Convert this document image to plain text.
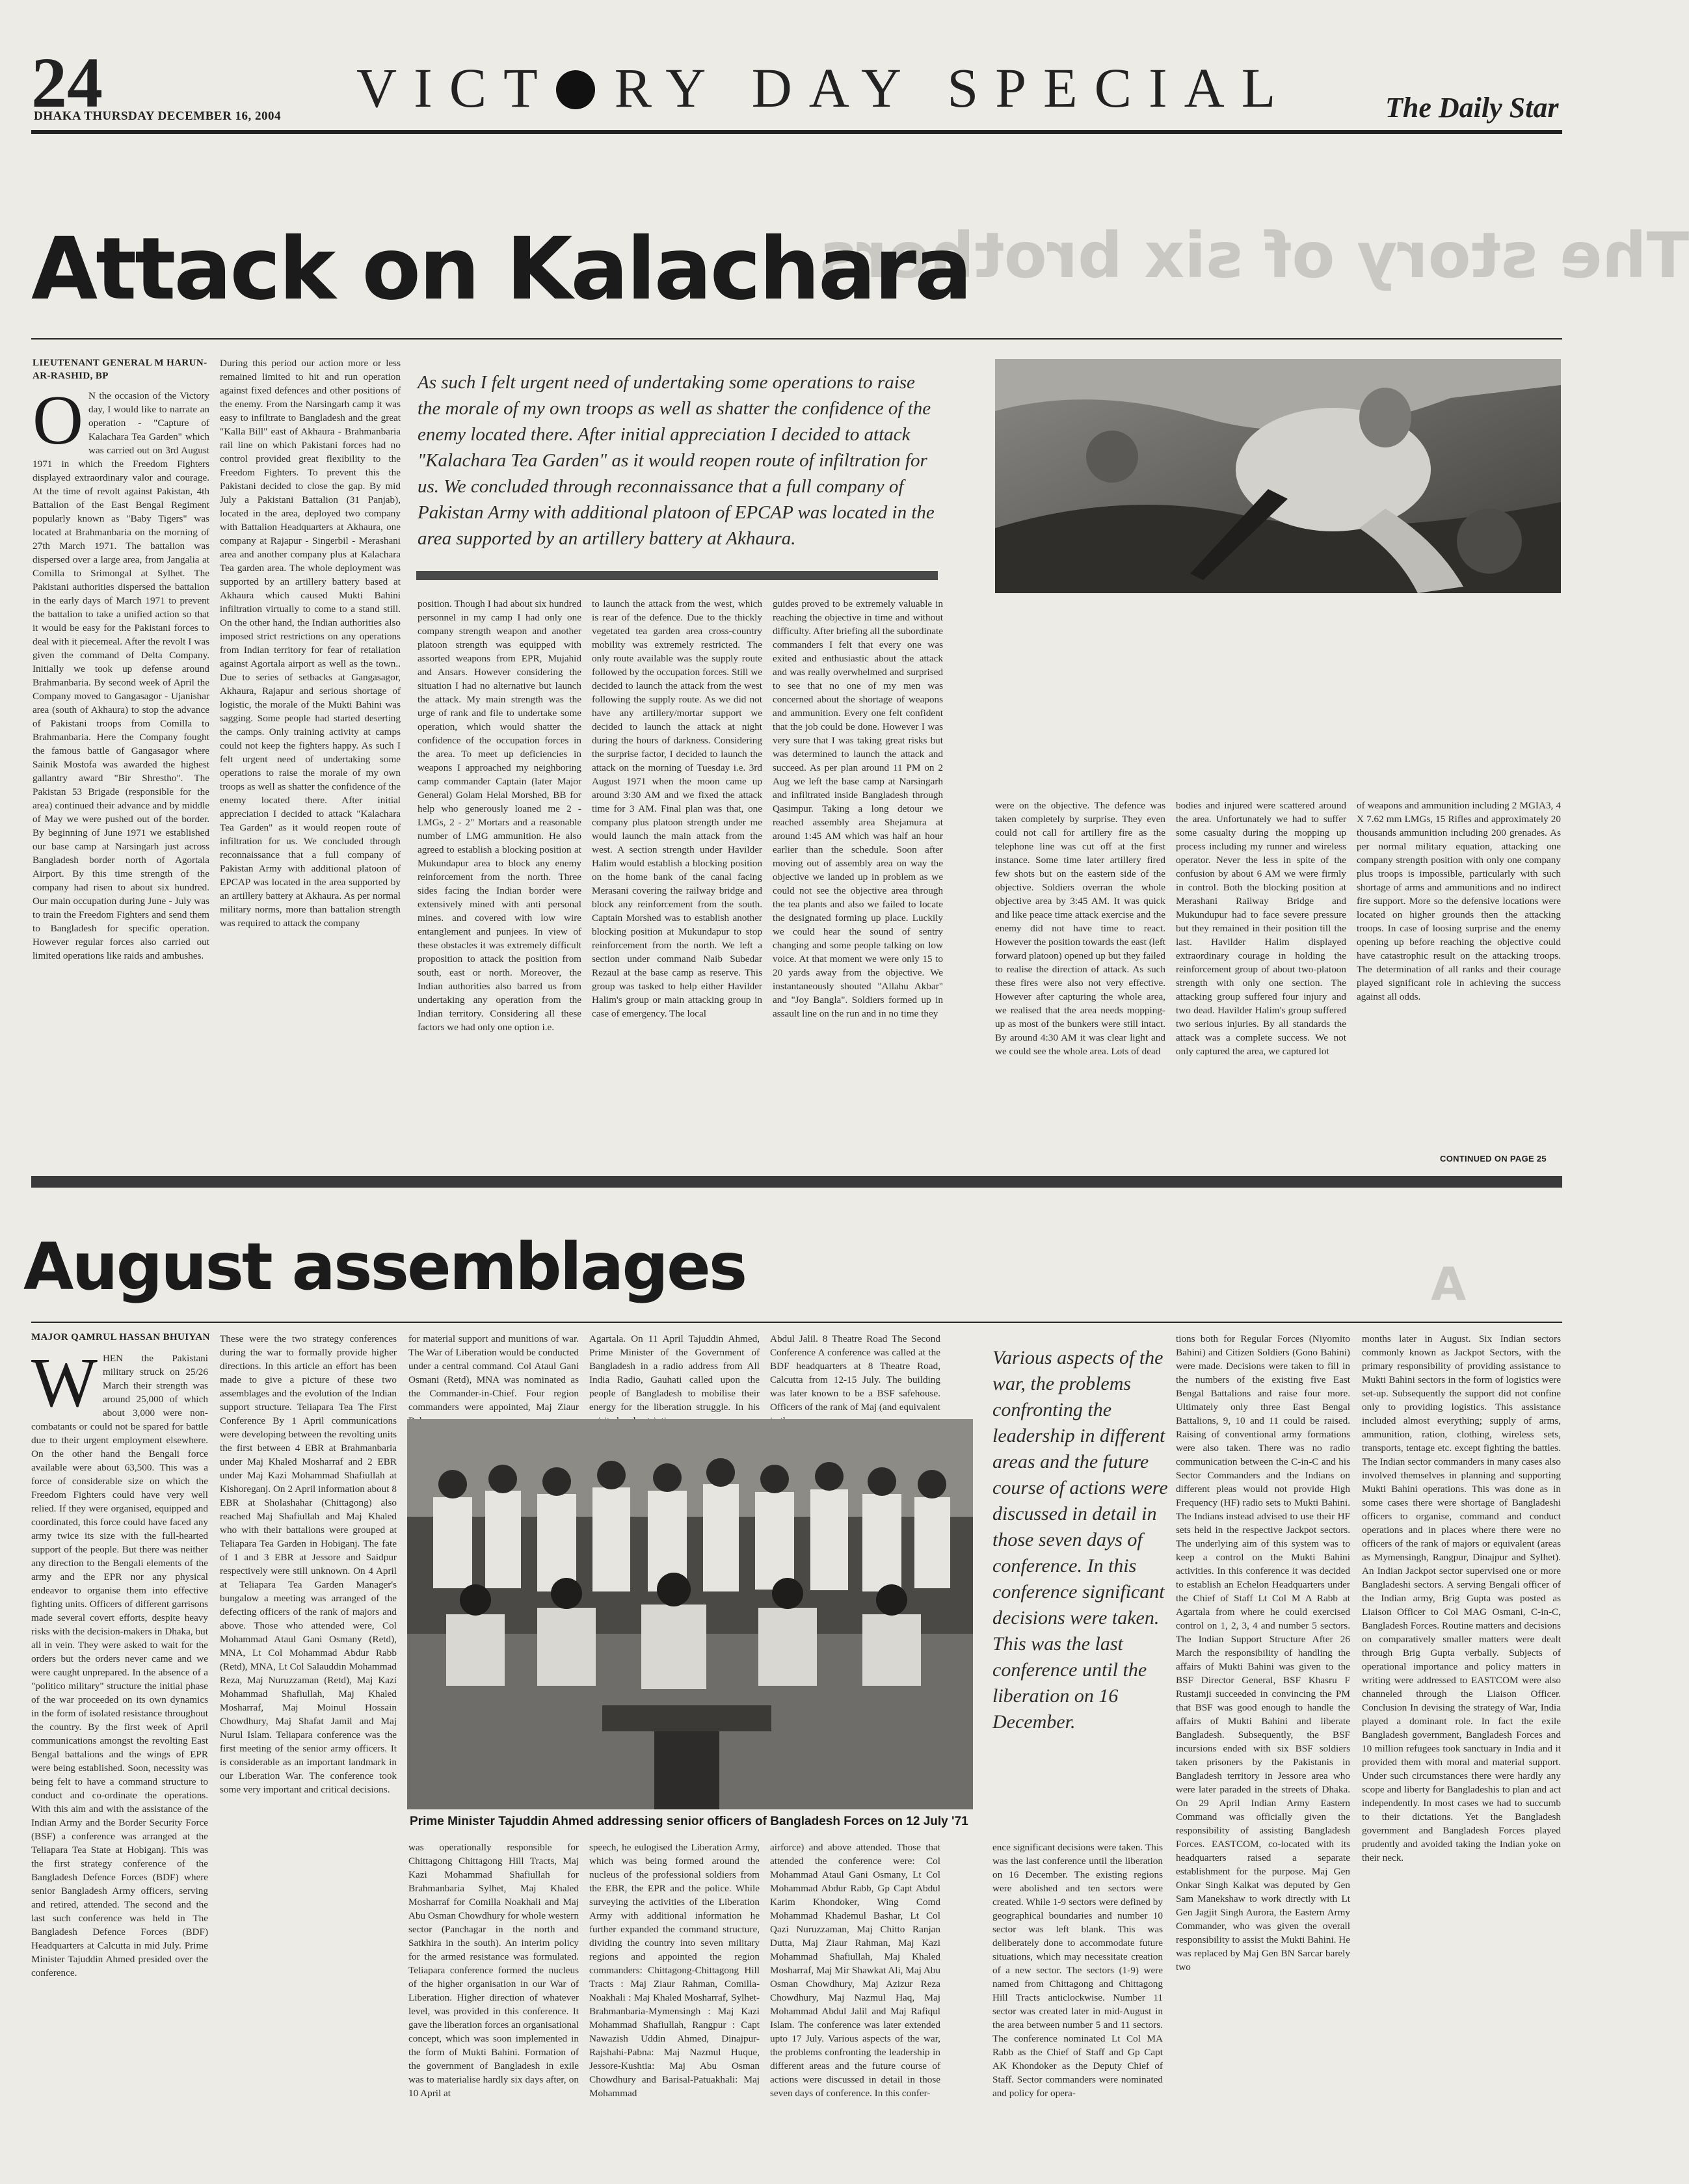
24
DHAKA THURSDAY DECEMBER 16, 2004 VICT RY DAY SPECIAL	The Daily Star
The story of six brothers
Attack on Kalachara
LIEUTENANT GENERAL M HARUN-AR-RASHID, BP
O N the occasion of the Victory day, I would like to narrate an operation - "Capture of Kalachara Tea Garden" which was carried out on 3rd August 1971 in which the Freedom Fighters displayed extraordinary valor and courage. At the time of revolt against Pakistan, 4th Battalion of the East Bengal Regiment popularly known as "Baby Tigers" was located at Brahmanbaria on the morning of 27th March 1971. The battalion was dispersed over a large area, from Jangalia at Comilla to Srimongal at Sylhet. The Pakistani authorities dispersed the battalion in the early days of March 1971 to prevent the battalion to take a unified action so that it would be easy for the Pakistani forces to deal with it piecemeal. After the revolt I was given the command of Delta Company. Initially we took up defense around Brahmanbaria. By second week of April the Company moved to Gangasagor - Ujanishar area (south of Akhaura) to stop the advance of Pakistani troops from Comilla to Brahmanbaria. Here the Company fought the famous battle of Gangasagor where Sainik Mostofa was awarded the highest gallantry award "Bir Shrestho". The Pakistan 53 Brigade (responsible for the area) continued their advance and by middle of May we were pushed out of the border. By beginning of June 1971 we established our base camp at Narsingarh just across Bangladesh border north of Agortala Airport. By this time strength of the company had risen to about six hundred. Our main occupation during June - July was to train the Freedom Fighters and send them to Bangladesh for specific operation. However regular forces also carried out limited operations like raids and ambushes.

During this period our action more or less remained limited to hit and run operation against fixed defences and other positions of the enemy. From the Narsingarh camp it was easy to infiltrate to Bangladesh and the great "Kalla Bill" east of Akhaura - Brahmanbaria rail line on which Pakistani forces had no control provided great flexibility to the Freedom Fighters. To prevent this the Pakistani decided to close the gap. By mid July a Pakistani Battalion (31 Panjab), located in the area, deployed two company with Battalion Headquarters at Akhaura, one company at Rajapur - Singerbil - Merashani area and another company plus at Kalachara Tea garden area. The whole deployment was supported by an artillery battery based at Akhaura which caused Mukti Bahini infiltration virtually to come to a stand still. On the other hand, the Indian authorities also imposed strict restrictions on any operations from Indian territory for fear of retaliation against Agortala airport as well as the town.. Due to series of setbacks at Gangasagor, Akhaura, Rajapur and serious shortage of logistic, the morale of the Mukti Bahini was sagging. Some people had started deserting the camps. Only training activity at camps could not keep the fighters happy. As such I felt urgent need of undertaking some operations to raise the morale of my own troops as well as shatter the confidence of the enemy located there. After initial appreciation I decided to attack "Kalachara Tea Garden" as it would reopen route of infiltration for us. We concluded through reconnaissance that a full company of Pakistan Army with additional platoon of EPCAP was located in the area supported by an artillery battery at Akhaura. As per normal military norms, more than battalion strength was required to attack the company

As such I felt urgent need of undertaking some operations to raise the morale of my own troops as well as shatter the confidence of the enemy located there. After initial appreciation I decided to attack "Kalachara Tea Garden" as it would reopen route of infiltration for us. We concluded through reconnaissance that a full company of Pakistan Army with additional platoon of EPCAP was located in the area supported by an artillery battery at Akhaura.

position. Though I had about six hundred personnel in my camp I had only one company strength weapon and another platoon strength was equipped with assorted weapons from EPR, Mujahid and Ansars. However considering the situation I had no alternative but launch the attack. My main strength was the urge of rank and file to undertake some operation, which would shatter the confidence of the occupation forces in the area. To meet up deficiencies in weapons I approached my neighboring camp commander Captain (later Major General) Golam Helal Morshed, BB for help who generously loaned me 2 - LMGs, 2 - 2" Mortars and a reasonable number of LMG ammunition. He also agreed to establish a blocking position at Mukundapur area to block any enemy reinforcement from the north. Three sides facing the Indian border were extensively mined with anti personal mines. and covered with low wire entanglement and punjees. In view of these obstacles it was extremely difficult proposition to attack the position from south, east or north. Moreover, the Indian authorities also barred us from undertaking any operation from the Indian territory. Considering all these factors we had only one option i.e.

to launch the attack from the west, which is rear of the defence. Due to the thickly vegetated tea garden area cross-country mobility was extremely restricted. The only route available was the supply route followed by the occupation forces. Still we decided to launch the attack from the west following the supply route. As we did not have any artillery/mortar support we decided to launch the attack at night during the hours of darkness. Considering the surprise factor, I decided to launch the attack on the morning of Tuesday i.e. 3rd August 1971 when the moon came up around 3:30 AM and we fixed the attack time for 3 AM. Final plan was that, one company plus platoon strength under me would launch the main attack from the west. A section strength under Havilder Halim would establish a blocking position on the home bank of the canal facing Merasani covering the railway bridge and block any reinforcement from the south. Captain Morshed was to establish another blocking position at Mukundapur to stop reinforcement from the north. We left a section under command Naib Subedar Rezaul at the base camp as reserve. This group was tasked to help either Havilder Halim's group or main attacking group in case of emergency. The local

guides proved to be extremely valuable in reaching the objective in time and without difficulty. After briefing all the subordinate commanders I felt that every one was exited and enthusiastic about the attack and was really overwhelmed and surprised to see that no one of my men was concerned about the shortage of weapons and ammunition. Every one felt confident that the job could be done. However I was very sure that I was taking great risks but was determined to launch the attack and succeed. As per plan around 11 PM on 2 Aug we left the base camp at Narsingarh and infiltrated inside Bangladesh through Qasimpur. Taking a long detour we reached assembly area Shejamura at around 1:45 AM which was half an hour earlier than the schedule. Soon after moving out of assembly area on way the objective we landed up in problem as we could not see the objective area through the tea plants and also we failed to locate the designated forming up place. Luckily we could hear the sound of sentry changing and some people talking on low voice. At that moment we were only 15 to 20 yards away from the objective. We instantaneously shouted "Allahu Akbar" and "Joy Bangla". Soldiers formed up in assault line on the run and in no time they

were on the objective. The defence was taken completely by surprise. They even could not call for artillery fire as the telephone line was cut off at the first instance. Some time later artillery fired few shots but on the eastern side of the objective. Soldiers overran the whole objective area by 3:45 AM. It was quick and like peace time attack exercise and the enemy did not have time to react. However the position towards the east (left forward platoon) opened up but they failed to realise the direction of attack. As such these fires were also not very effective. However after capturing the whole area, we realised that the area needs mopping-up as most of the bunkers were still intact. By around 4:30 AM it was clear light and we could see the whole area. Lots of dead

bodies and injured were scattered around the area. Unfortunately we had to suffer some casualty during the mopping up process including my runner and wireless operator. Never the less in spite of the confusion by about 6 AM we were firmly in control. Both the blocking position at Merashani Railway Bridge and Mukundupur had to face severe pressure but they remained in their position till the last. Havilder Halim displayed extraordinary courage in holding the reinforcement group of about two-platoon strength with only one section. The attacking group suffered four injury and two dead. Havilder Halim's group suffered two serious injuries. By all standards the attack was a complete success. We not only captured the area, we captured lot

of weapons and ammunition including 2 MGIA3, 4 X 7.62 mm LMGs, 15 Rifles and approximately 20 thousands ammunition including 200 grenades. As per normal military equation, attacking one company strength position with only one company plus troops is impossible, particularly with such shortage of arms and ammunitions and no indirect fire support. More so the defensive locations were located on higher grounds then the attacking troops. In case of loosing surprise and the enemy opening up before reaching the objective could have catastrophic result on the attacking troops. The determination of all ranks and their courage played significant role in achieving the success against all odds.

CONTINUED ON PAGE 25
August assemblages	A
MAJOR QAMRUL HASSAN BHUIYAN
W HEN the Pakistani military struck on 25/26 March their strength was around 25,000 of which about 3,000 were non-combatants or could not be spared for battle due to their urgent employment elsewhere. On the other hand the Bengali force available were about 63,500. This was a force of considerable size on which the Freedom Fighters could have very well relied. If they were organised, equipped and coordinated, this force could have faced any army twice its size with the full-hearted support of the people. But there was neither any direction to the Bengali elements of the army and the EPR nor any physical endeavor to organise them into effective fighting units. Officers of different garrisons made several covert efforts, despite heavy risks with the decision-makers in Dhaka, but all in vein. They were asked to wait for the orders but the orders never came and we were caught unprepared. In the absence of a "politico military" structure the initial phase of the war proceeded on its own dynamics in the form of isolated resistance throughout the country. By the first week of April communications amongst the revolting East Bengal battalions and the wings of EPR were being established. Soon, necessity was being felt to have a command structure to conduct and co-ordinate the operations. With this aim and with the assistance of the Indian Army and the Border Security Force (BSF) a conference was arranged at the Teliapara Tea State at Hobiganj. This was the first strategy conference of the Bangladesh Defence Forces (BDF) where senior Bangladesh Army officers, serving and retired, attended. The second and the last such conference was held in The Bangladesh Defence Forces (BDF) Headquarters at Calcutta in mid July. Prime Minister Tajuddin Ahmed presided over the conference.

These were the two strategy conferences during the war to formally provide higher directions. In this article an effort has been made to give a picture of these two assemblages and the evolution of the Indian support structure. Teliapara Tea The First Conference By 1 April communications were developing between the revolting units the first between 4 EBR at Brahmanbaria under Maj Khaled Mosharraf and 2 EBR under Maj Kazi Mohammad Shafiullah at Kishoreganj. On 2 April information about 8 EBR at Sholashahar (Chittagong) also reached Maj Shafiullah and Maj Khaled who with their battalions were grouped at Teliapara Tea Garden in Hobiganj. The fate of 1 and 3 EBR at Jessore and Saidpur respectively were still unknown. On 4 April at Teliapara Tea Garden Manager's bungalow a meeting was arranged of the defecting officers of the rank of majors and above. Those who attended were, Col Mohammad Ataul Gani Osmany (Retd), MNA, Lt Col Mohammad Abdur Rabb (Retd), MNA, Lt Col Salauddin Mohammad Reza, Maj Nuruzzaman (Retd), Maj Kazi Mohammad Shafiullah, Maj Khaled Mosharraf, Maj Moinul Hossain Chowdhury, Maj Shafat Jamil and Maj Nurul Islam. Teliapara conference was the first meeting of the senior army officers. It is considerable as an important landmark in our Liberation War. The conference took some very important and critical decisions.

for material support and munitions of war. The War of Liberation would be conducted under a central command. Col Ataul Gani Osmani (Retd), MNA was nominated as the Commander-in-Chief. Four region commanders were appointed, Maj Ziaur

Agartala. On 11 April Tajuddin Ahmed, Prime Minister of the Government of Bangladesh in a radio address from All India Radio, Gauhati called upon the people of Bangladesh to mobilise their energy for the liberation struggle. In his

Abdul Jalil. 8 Theatre Road The Second Conference A conference was called at the BDF headquarters at 8 Theatre Road, Calcutta from 12-15 July. The building was later known to be a BSF safehouse. Officers of the rank of Maj (and equivalent

Prime Minister Tajuddin Ahmed addressing senior officers of Bangladesh Forces on 12 July '71
Various aspects of the war, the problems confronting the leadership in different areas and the future course of actions were discussed in detail in those seven days of conference. In this conference significant decisions were taken. This was the last conference until the liberation on 16 December.

was operationally responsible for Chittagong Chittagong Hill Tracts, Maj Kazi Mohammad Shafiullah for Brahmanbaria Sylhet, Maj Khaled Mosharraf for Comilla Noakhali and Maj Abu Osman Chowdhury for whole western sector (Panchagar in the north and Satkhira in the south). An interim policy for the armed resistance was formulated. Teliapara conference formed the nucleus of the higher organisation in our War of Liberation. Higher direction of whatever level, was provided in this conference. It gave the liberation forces an organisational concept, which was soon implemented in the form of Mukti Bahini. Formation of the government of Bangladesh in exile was to materialise hardly six days after, on 10 April at

speech, he eulogised the Liberation Army, which was being formed around the nucleus of the professional soldiers from the EBR, the EPR and the police. While surveying the activities of the Liberation Army with additional information he further expanded the command structure, dividing the country into seven military regions and appointed the region commanders: Chittagong-Chittagong Hill Tracts : Maj Ziaur Rahman, Comilla-Noakhali : Maj Khaled Mosharraf, Sylhet-Brahmanbaria-Mymensingh : Maj Kazi Mohammad Shafiullah, Rangpur : Capt Nawazish Uddin Ahmed, Dinajpur-Rajshahi-Pabna: Maj Nazmul Huque, Jessore-Kushtia: Maj Abu Osman Chowdhury and Barisal-Patuakhali: Maj Mohammad

airforce) and above attended. Those that attended the conference were: Col Mohammad Ataul Gani Osmany, Lt Col Mohammad Abdur Rabb, Gp Capt Abdul Karim Khondoker, Wing Comd Mohammad Khademul Bashar, Lt Col Qazi Nuruzzaman, Maj Chitto Ranjan Dutta, Maj Ziaur Rahman, Maj Kazi Mohammad Shafiullah, Maj Khaled Mosharraf, Maj Mir Shawkat Ali, Maj Abu Osman Chowdhury, Maj Azizur Reza Chowdhury, Maj Nazmul Haq, Maj Mohammad Abdul Jalil and Maj Rafiqul Islam. The conference was later extended upto 17 July. Various aspects of the war, the problems confronting the leadership in different areas and the future course of actions were discussed in detail in those seven days of conference. In this confer-

ence significant decisions were taken. This was the last conference until the liberation on 16 December. The existing regions were abolished and ten sectors were created. While 1-9 sectors were defined by geographical boundaries and number 10 sector was left blank. This was deliberately done to accommodate future situations, which may necessitate creation of a new sector. The sectors (1-9) were named from Chittagong and Chittagong Hill Tracts anticlockwise. Number 11 sector was created later in mid-August in the area between number 5 and 11 sectors. The conference nominated Lt Col MA Rabb as the Chief of Staff and Gp Capt AK Khondoker as the Deputy Chief of Staff. Sector commanders were nominated and policy for opera-

tions both for Regular Forces (Niyomito Bahini) and Citizen Soldiers (Gono Bahini) were made. Decisions were taken to fill in the numbers of the existing five East Bengal Battalions and raise four more. Ultimately only three East Bengal Battalions, 9, 10 and 11 could be raised. Raising of conventional army formations were also taken. There was no radio communication between the C-in-C and his Sector Commanders and the Indians on different pleas would not provide High Frequency (HF) radio sets to Mukti Bahini. The Indians instead advised to use their HF sets held in the respective Jackpot sectors. The underlying aim of this system was to keep a control on the Mukti Bahini activities. In this conference it was decided to establish an Echelon Headquarters under the Chief of Staff Lt Col M A Rabb at Agartala from where he could exercised control on 1, 2, 3, 4 and number 5 sectors. The Indian Support Structure After 26 March the responsibility of handling the affairs of Mukti Bahini was given to the BSF Director General, BSF Khasru F Rustamji succeeded in convincing the PM that BSF was good enough to handle the affairs of Mukti Bahini and liberate Bangladesh. Subsequently, the BSF incursions ended with six BSF soldiers taken prisoners by the Pakistanis in Bangladesh territory in Jessore area who were later paraded in the streets of Dhaka. On 29 April Indian Army Eastern Command was officially given the responsibility of assisting Bangladesh Forces. EASTCOM, co-located with its headquarters raised a separate establishment for the purpose. Maj Gen Onkar Singh Kalkat was deputed by Gen Sam Manekshaw to work directly with Lt Gen Jagjit Singh Aurora, the Eastern Army Commander, who was given the overall responsibility to assist the Mukti Bahini. He was replaced by Maj Gen BN Sarcar barely two

months later in August. Six Indian sectors commonly known as Jackpot Sectors, with the primary responsibility of providing assistance to Mukti Bahini sectors in the form of logistics were set-up. Subsequently the support did not confine only to providing logistics. This assistance included almost everything; supply of arms, ammunition, ration, clothing, wireless sets, transports, tentage etc. except fighting the battles. The Indian sector commanders in many cases also involved themselves in planning and supporting Mukti Bahini operations. This was done as in some cases there were shortage of Bangladeshi officers to organise, command and conduct operations and in places where there were no officers of the rank of majors or equivalent (areas as Mymensingh, Rangpur, Dinajpur and Sylhet). An Indian Jackpot sector supervised one or more Bangladeshi sectors. A serving Bengali officer of the Indian army, Brig Gupta was posted as Liaison Officer to Col MAG Osmani, C-in-C, Bangladesh Forces. Routine matters and decisions on comparatively smaller matters were dealt through Brig Gupta verbally. Subjects of operational importance and policy matters in writing were addressed to EASTCOM were also channeled through the Liaison Officer. Conclusion In devising the strategy of War, India played a dominant role. In fact the exile Bangladesh government, Bangladesh Forces and 10 million refugees took sanctuary in India and it provided them with moral and material support. Under such circumstances there were hardly any scope and liberty for Bangladeshis to plan and act independently. In most cases we had to succumb to their dictations. Yet the Bangladesh government and Bangladesh Forces played prudently and avoided taking the Indian yoke on their neck.
